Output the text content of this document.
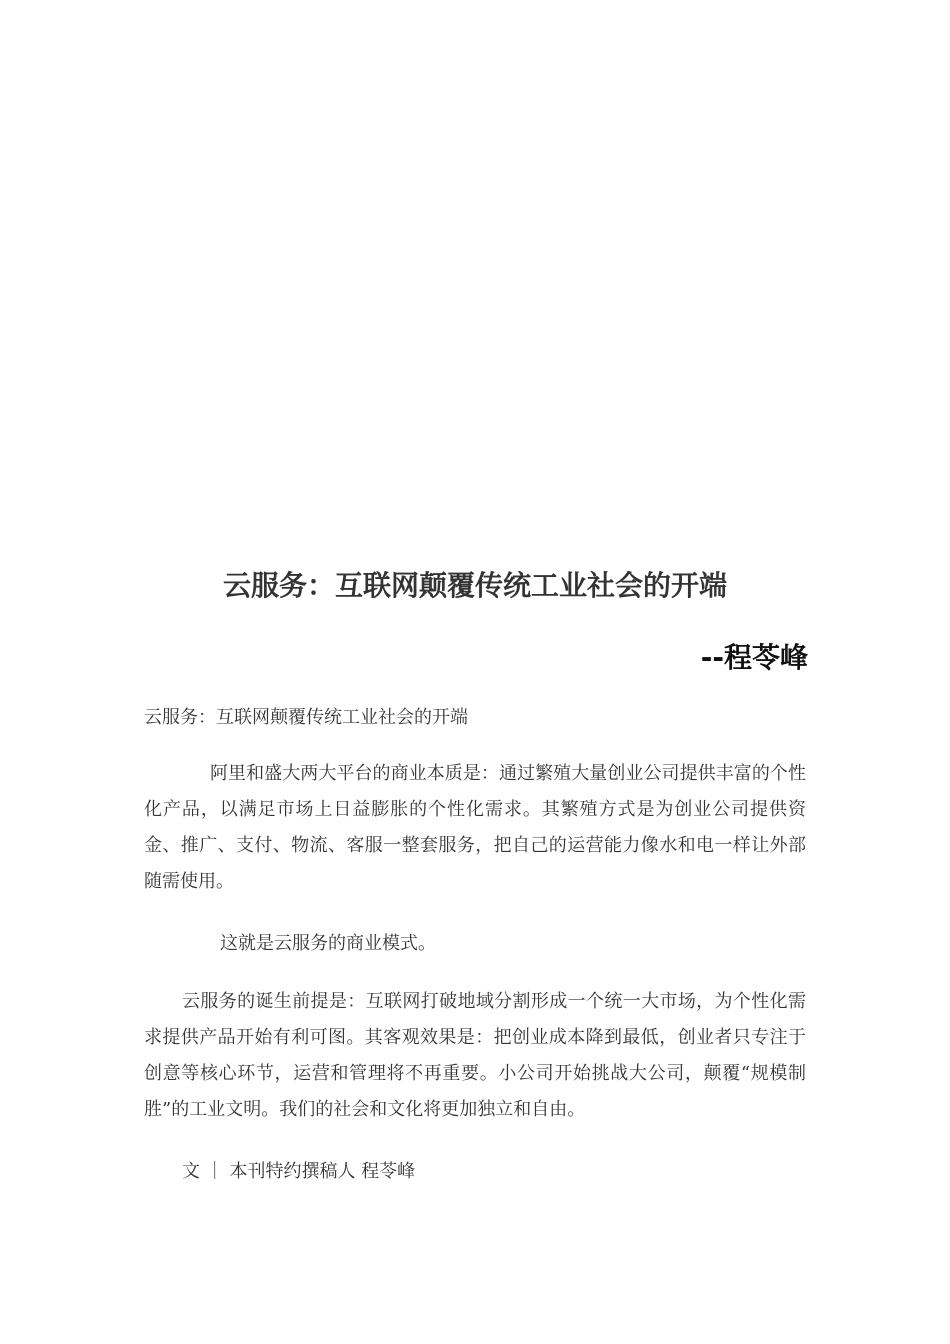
云服务：互联网颠覆传统工业社会的开端
--程苓峰

云服务：互联网颠覆传统工业社会的开端

阿里和盛大两大平台的商业本质是：通过繁殖大量创业公司提供丰富的个性化产品，以满足市场上日益膨胀的个性化需求。其繁殖方式是为创业公司提供资金、推广、支付、物流、客服一整套服务，把自己的运营能力像水和电一样让外部随需使用。

这就是云服务的商业模式。

云服务的诞生前提是：互联网打破地域分割形成一个统一大市场，为个性化需求提供产品开始有利可图。其客观效果是：把创业成本降到最低，创业者只专注于创意等核心环节，运营和管理将不再重要。小公司开始挑战大公司，颠覆“规模制胜”的工业文明。我们的社会和文化将更加独立和自由。

文 ｜ 本刊特约撰稿人 程苓峰
